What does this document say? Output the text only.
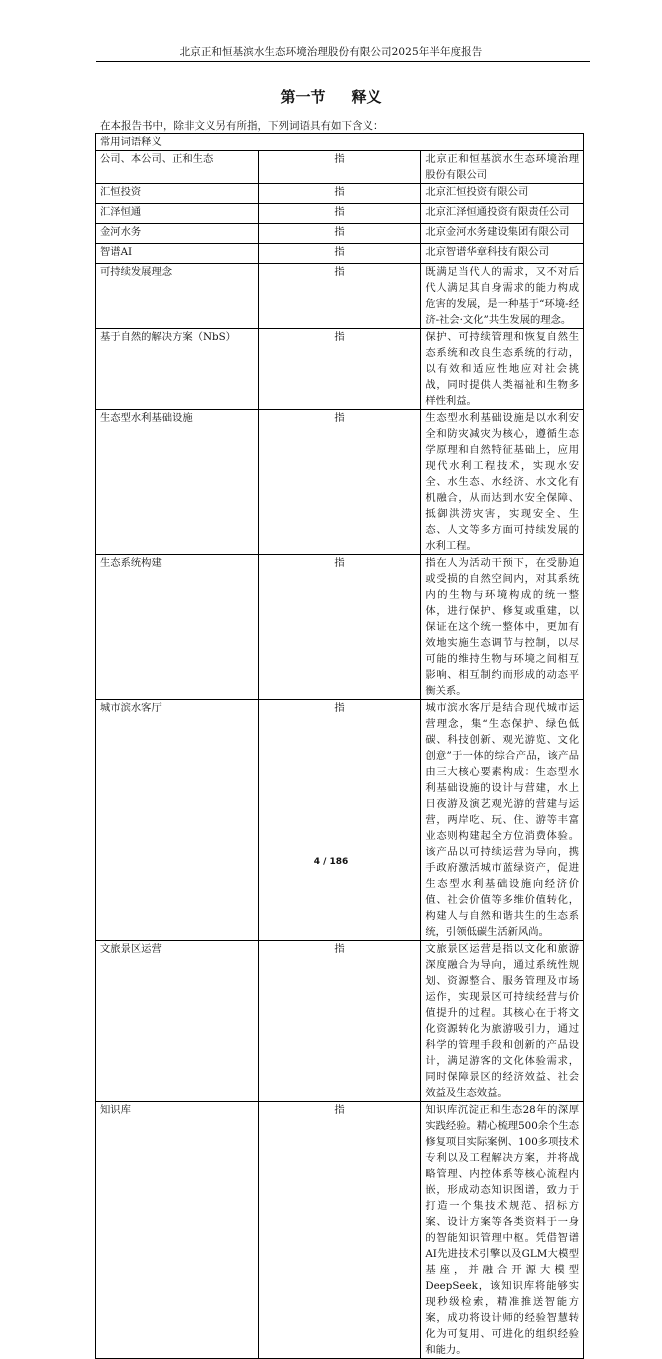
北京正和恒基滨水生态环境治理股份有限公司2025年半年度报告
第一节 释义
在本报告书中，除非文义另有所指，下列词语具有如下含义：
常用词语释义		
公司、本公司、正和生态	指	北京正和恒基滨水生态环境治理股份有限公司
汇恒投资	指	北京汇恒投资有限公司
汇泽恒通	指	北京汇泽恒通投资有限责任公司
金河水务	指	北京金河水务建设集团有限公司
智谱AI	指	北京智谱华章科技有限公司
可持续发展理念	指	既满足当代人的需求，又不对后代人满足其自身需求的能力构成危害的发展，是一种基于“环境-经济-社会·文化”共生发展的理念。
基于自然的解决方案（NbS）	指	保护、可持续管理和恢复自然生态系统和改良生态系统的行动，以有效和适应性地应对社会挑战，同时提供人类福祉和生物多样性利益。
生态型水利基础设施	指	生态型水利基础设施是以水利安全和防灾减灾为核心，遵循生态学原理和自然特征基础上，应用现代水利工程技术，实现水安全、水生态、水经济、水文化有机融合，从而达到水安全保障、抵御洪涝灾害，实现安全、生态、人文等多方面可持续发展的水利工程。
生态系统构建	指	指在人为活动干预下，在受胁迫或受损的自然空间内，对其系统内的生物与环境构成的统一整体，进行保护、修复或重建，以保证在这个统一整体中，更加有效地实施生态调节与控制，以尽可能的维持生物与环境之间相互影响、相互制约而形成的动态平衡关系。
城市滨水客厅	指	城市滨水客厅是结合现代城市运营理念，集“生态保护、绿色低碳、科技创新、观光游览、文化创意”于一体的综合产品，该产品由三大核心要素构成：生态型水利基础设施的设计与营建，水上日夜游及演艺观光游的营建与运营，两岸吃、玩、住、游等丰富业态则构建起全方位消费体验。该产品以可持续运营为导向，携手政府激活城市蓝绿资产，促进生态型水利基础设施向经济价值、社会价值等多维价值转化，构建人与自然和谐共生的生态系统，引领低碳生活新风尚。
文旅景区运营	指	文旅景区运营是指以文化和旅游深度融合为导向，通过系统性规划、资源整合、服务管理及市场运作，实现景区可持续经营与价值提升的过程。其核心在于将文化资源转化为旅游吸引力，通过科学的管理手段和创新的产品设计，满足游客的文化体验需求，同时保障景区的经济效益、社会效益及生态效益。
知识库	指	知识库沉淀正和生态28年的深厚实践经验。精心梳理500余个生态修复项目实际案例、100多项技术专利以及工程解决方案，并将战略管理、内控体系等核心流程内嵌，形成动态知识图谱，致力于打造一个集技术规范、招标方案、设计方案等各类资料于一身的智能知识管理中枢。凭借智谱AI先进技术引擎以及GLM大模型基座，并融合开源大模型DeepSeek，该知识库将能够实现秒级检索，精准推送智能方案，成功将设计师的经验智慧转化为可复用、可进化的组织经验和能力。
4 / 186
